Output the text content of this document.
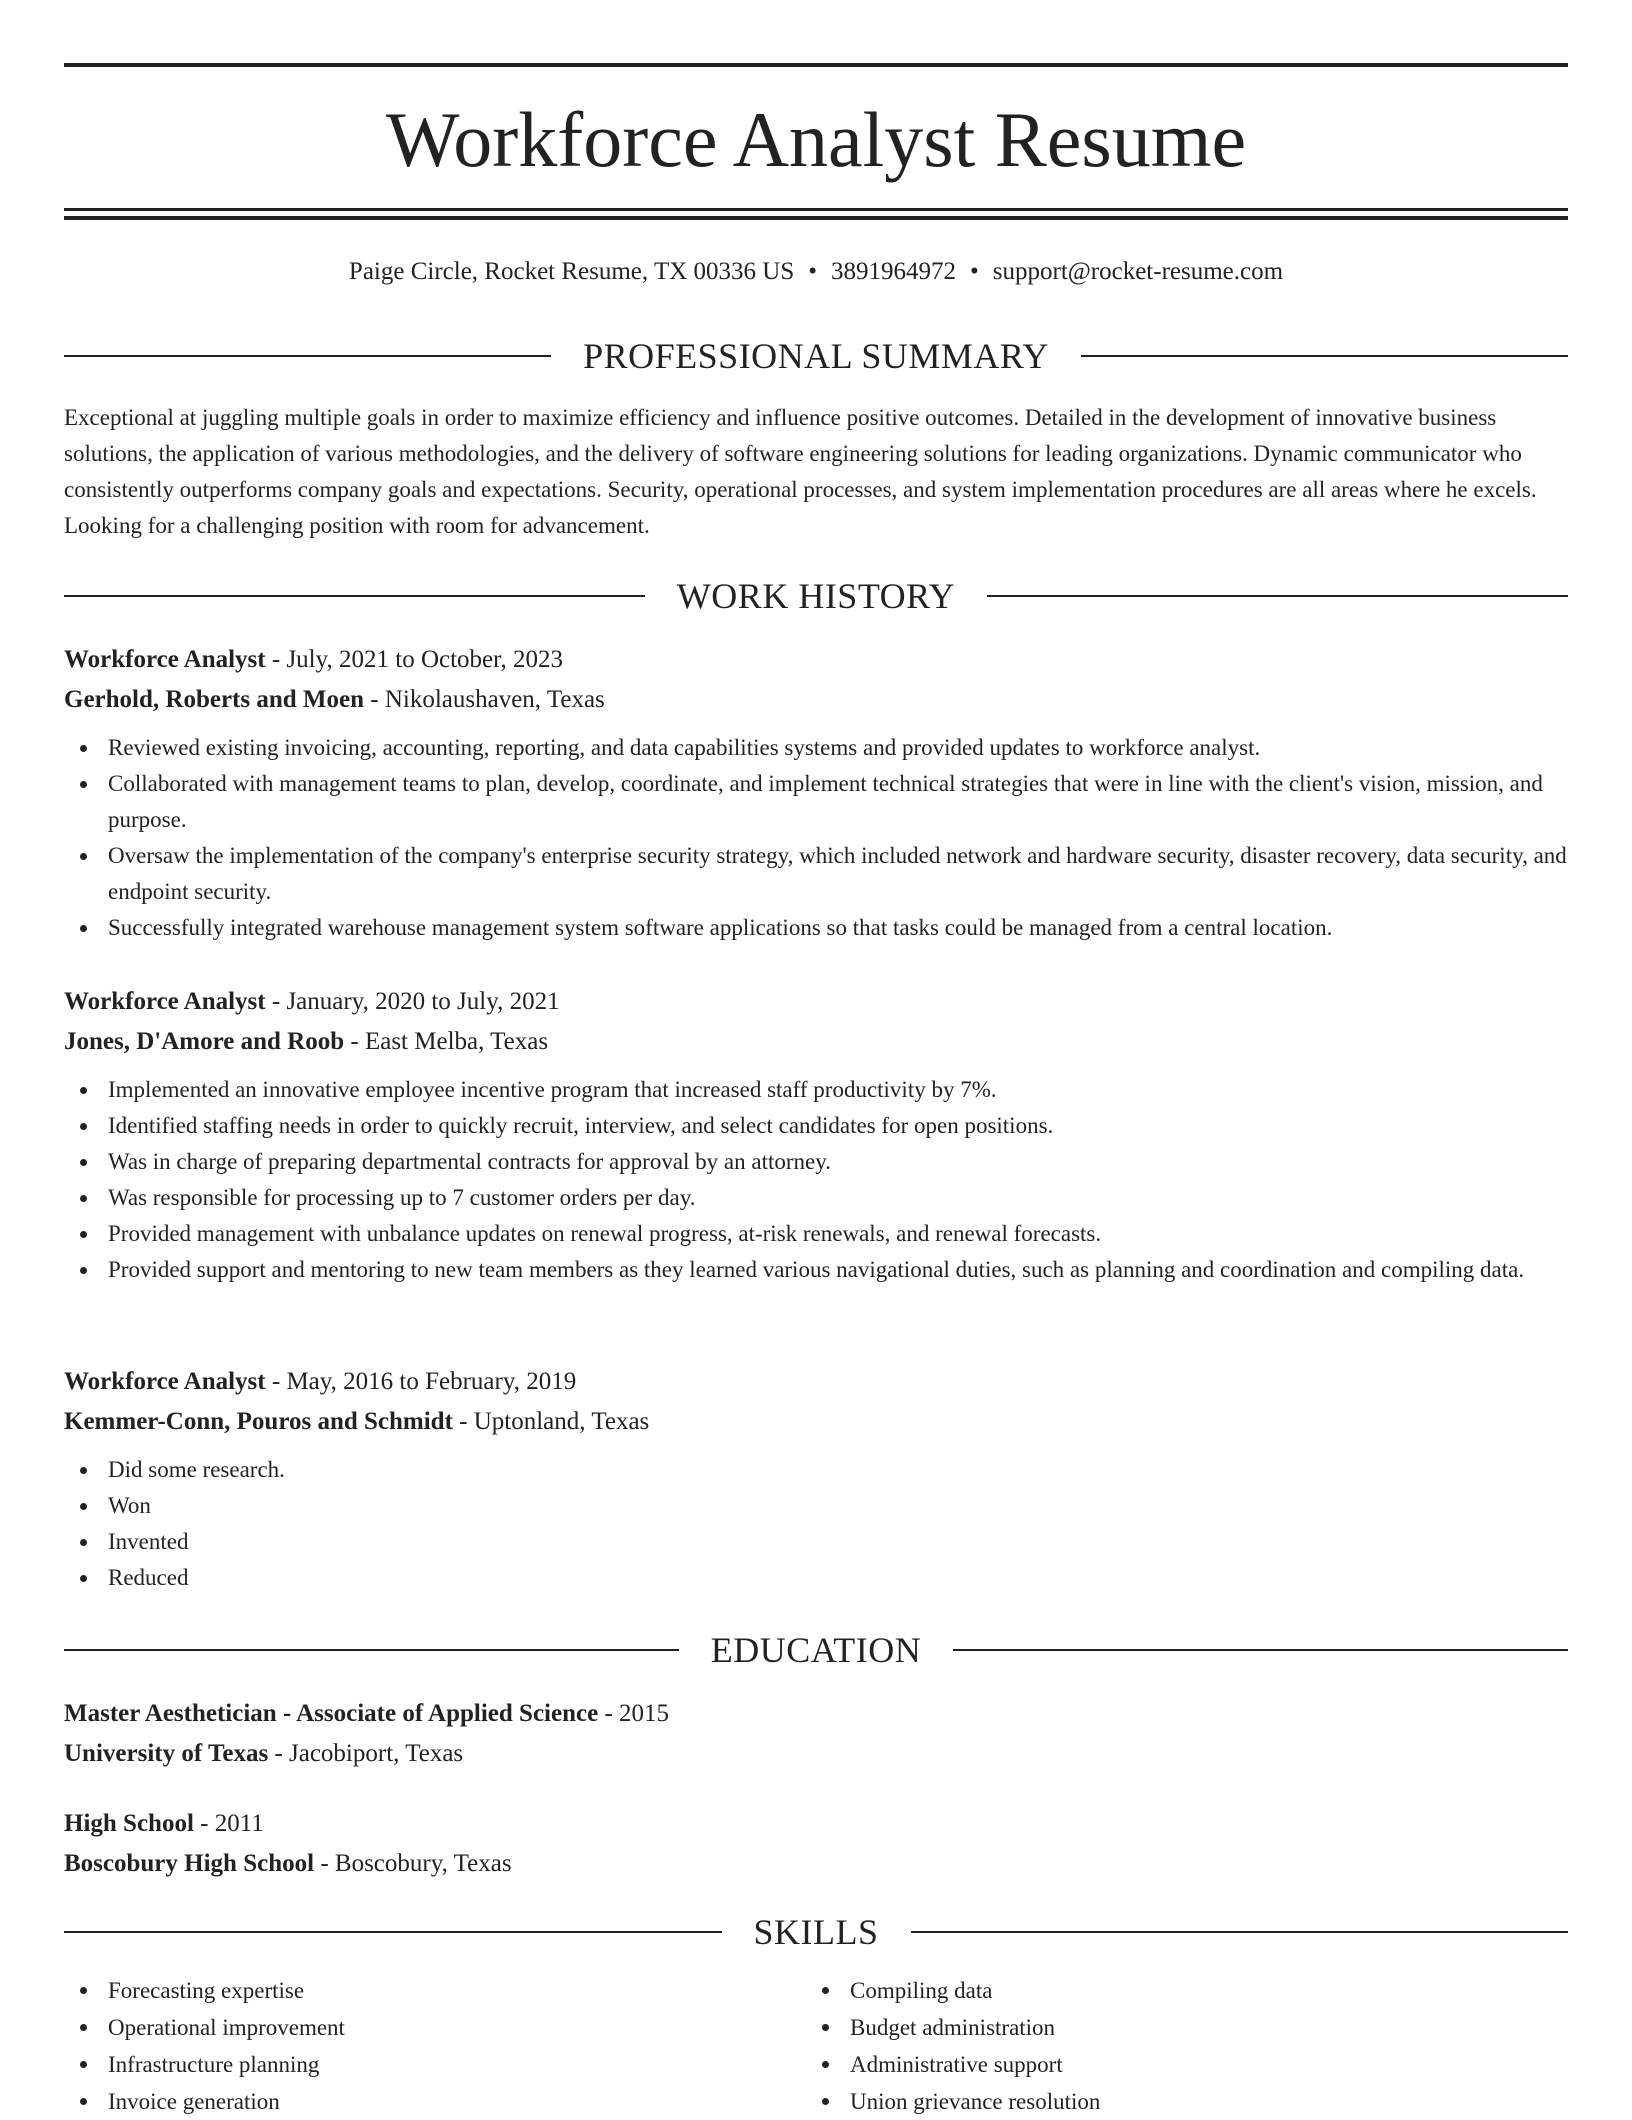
Workforce Analyst Resume
Paige Circle, Rocket Resume, TX 00336 US • 3891964972 • support@rocket-resume.com
PROFESSIONAL SUMMARY

Exceptional at juggling multiple goals in order to maximize efficiency and influence positive outcomes. Detailed in the development of innovative business solutions, the application of various methodologies, and the delivery of software engineering solutions for leading organizations. Dynamic communicator who consistently outperforms company goals and expectations. Security, operational processes, and system implementation procedures are all areas where he excels. Looking for a challenging position with room for advancement.

WORK HISTORY
Workforce Analyst - July, 2021 to October, 2023
Gerhold, Roberts and Moen - Nikolaushaven, Texas
Reviewed existing invoicing, accounting, reporting, and data capabilities systems and provided updates to workforce analyst.
Collaborated with management teams to plan, develop, coordinate, and implement technical strategies that were in line with the client's vision, mission, and purpose.
Oversaw the implementation of the company's enterprise security strategy, which included network and hardware security, disaster recovery, data security, and endpoint security.
Successfully integrated warehouse management system software applications so that tasks could be managed from a central location.
Workforce Analyst - January, 2020 to July, 2021
Jones, D'Amore and Roob - East Melba, Texas
Implemented an innovative employee incentive program that increased staff productivity by 7%.
Identified staffing needs in order to quickly recruit, interview, and select candidates for open positions.
Was in charge of preparing departmental contracts for approval by an attorney.
Was responsible for processing up to 7 customer orders per day.
Provided management with unbalance updates on renewal progress, at-risk renewals, and renewal forecasts.
Provided support and mentoring to new team members as they learned various navigational duties, such as planning and coordination and compiling data.
Workforce Analyst - May, 2016 to February, 2019
Kemmer-Conn, Pouros and Schmidt - Uptonland, Texas
Did some research.
Won
Invented
Reduced
EDUCATION
Master Aesthetician - Associate of Applied Science - 2015
University of Texas - Jacobiport, Texas
High School - 2011
Boscobury High School - Boscobury, Texas
SKILLS
Forecasting expertise
Operational improvement
Infrastructure planning
Invoice generation
Compiling data
Budget administration
Administrative support
Union grievance resolution
